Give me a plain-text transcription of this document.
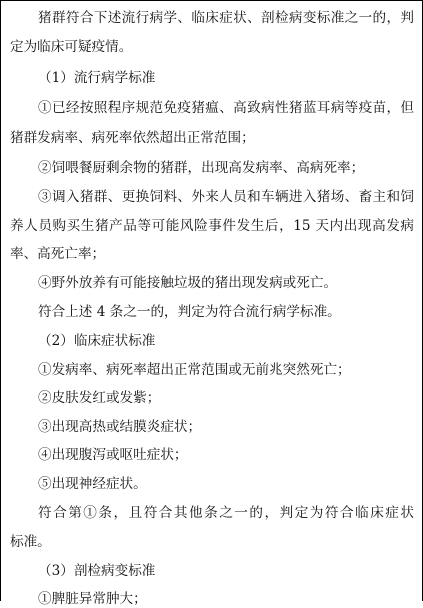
猪群符合下述流行病学、临床症状、剖检病变标准之一的，判
定为临床可疑疫情。
（1）流行病学标准
①已经按照程序规范免疫猪瘟、高致病性猪蓝耳病等疫苗，但
猪群发病率、病死率依然超出正常范围；
②饲喂餐厨剩余物的猪群，出现高发病率、高病死率；
③调入猪群、更换饲料、外来人员和车辆进入猪场、畜主和饲
养人员购买生猪产品等可能风险事件发生后，15 天内出现高发病
率、高死亡率；
④野外放养有可能接触垃圾的猪出现发病或死亡。
符合上述 4 条之一的，判定为符合流行病学标准。
（2）临床症状标准
①发病率、病死率超出正常范围或无前兆突然死亡；
②皮肤发红或发紫；
③出现高热或结膜炎症状；
④出现腹泻或呕吐症状；
⑤出现神经症状。
符合第①条，且符合其他条之一的，判定为符合临床症状
标准。
（3）剖检病变标准
①脾脏异常肿大；
